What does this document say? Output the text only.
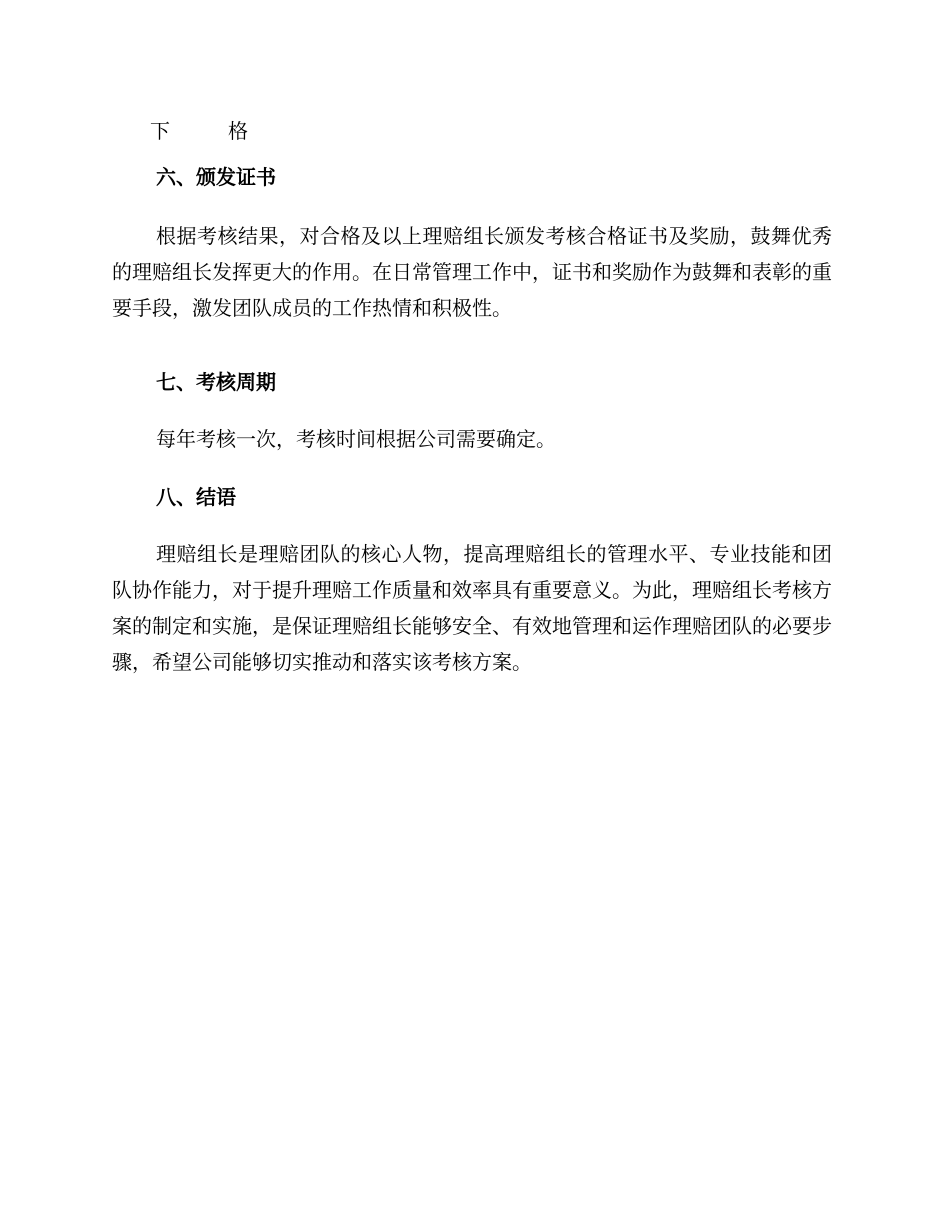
下	格
六、颁发证书

根据考核结果，对合格及以上理赔组长颁发考核合格证书及奖励，鼓舞优秀的理赔组长发挥更大的作用。在日常管理工作中，证书和奖励作为鼓舞和表彰的重要手段，激发团队成员的工作热情和积极性。

七、考核周期

每年考核一次，考核时间根据公司需要确定。

八、结语

理赔组长是理赔团队的核心人物，提高理赔组长的管理水平、专业技能和团队协作能力，对于提升理赔工作质量和效率具有重要意义。为此，理赔组长考核方案的制定和实施，是保证理赔组长能够安全、有效地管理和运作理赔团队的必要步骤，希望公司能够切实推动和落实该考核方案。
